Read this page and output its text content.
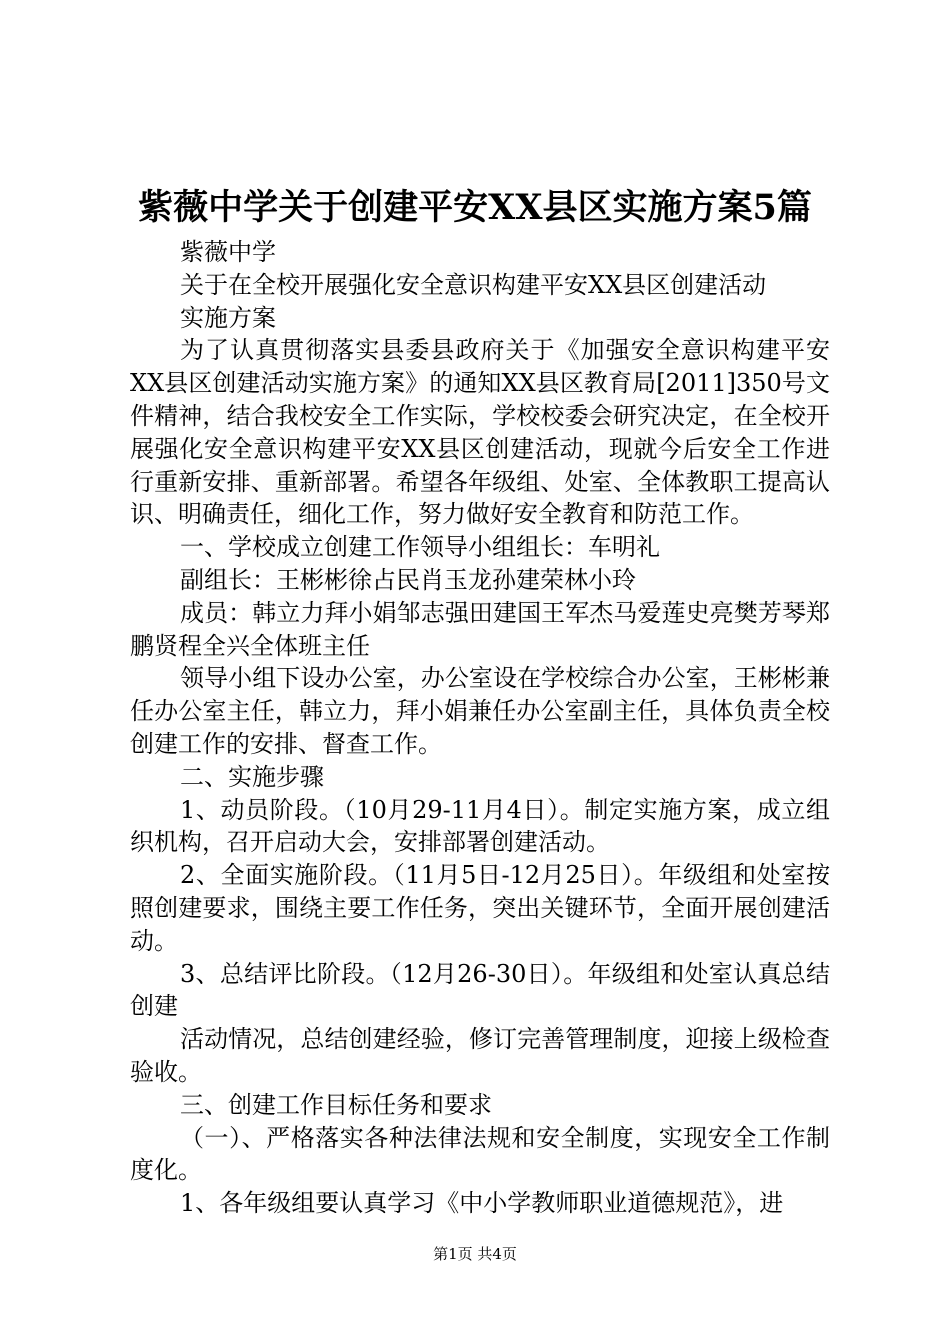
紫薇中学关于创建平安XX县区实施方案5篇

紫薇中学

关于在全校开展强化安全意识构建平安XX县区创建活动

实施方案

为了认真贯彻落实县委县政府关于《加强安全意识构建平安XX县区创建活动实施方案》的通知XX县区教育局[2011]350号文件精神，结合我校安全工作实际，学校校委会研究决定，在全校开展强化安全意识构建平安XX县区创建活动，现就今后安全工作进行重新安排、重新部署。希望各年级组、处室、全体教职工提高认识、明确责任，细化工作，努力做好安全教育和防范工作。

一、学校成立创建工作领导小组组长：车明礼

副组长：王彬彬徐占民肖玉龙孙建荣林小玲

成员：韩立力拜小娟邹志强田建国王军杰马爱莲史亮樊芳琴郑鹏贤程全兴全体班主任

领导小组下设办公室，办公室设在学校综合办公室，王彬彬兼任办公室主任，韩立力，拜小娟兼任办公室副主任，具体负责全校创建工作的安排、督查工作。

二、实施步骤

1、动员阶段。（10月29-11月4日）。制定实施方案，成立组织机构，召开启动大会，安排部署创建活动。

2、全面实施阶段。（11月5日-12月25日）。年级组和处室按照创建要求，围绕主要工作任务，突出关键环节，全面开展创建活动。

3、总结评比阶段。（12月26-30日）。年级组和处室认真总结创建

活动情况，总结创建经验，修订完善管理制度，迎接上级检查验收。

三、创建工作目标任务和要求

（一）、严格落实各种法律法规和安全制度，实现安全工作制度化。

1、各年级组要认真学习《中小学教师职业道德规范》，进

第1页 共4页
